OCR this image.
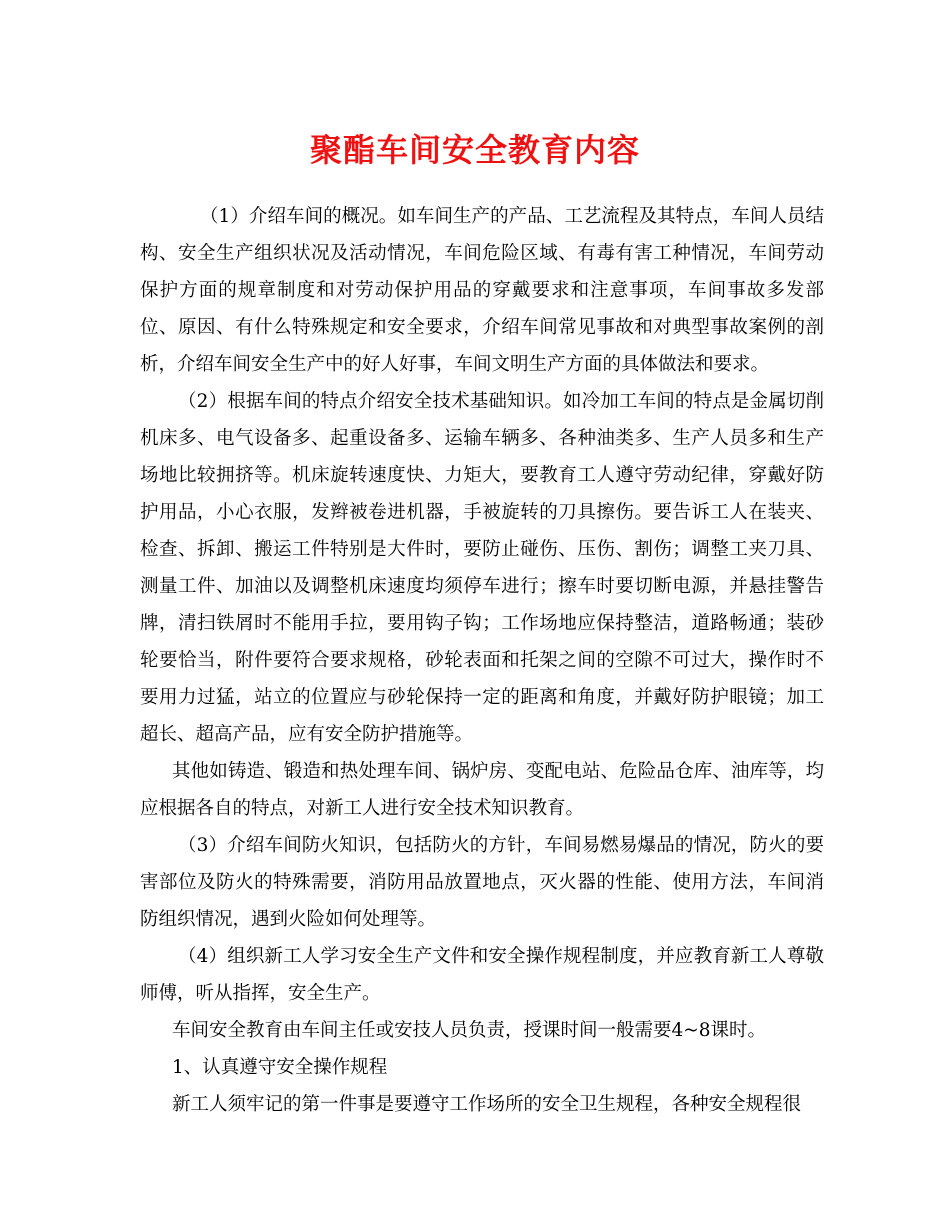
聚酯车间安全教育内容

（1）介绍车间的概况。如车间生产的产品、工艺流程及其特点，车间人员结构、安全生产组织状况及活动情况，车间危险区域、有毒有害工种情况，车间劳动保护方面的规章制度和对劳动保护用品的穿戴要求和注意事项，车间事故多发部位、原因、有什么特殊规定和安全要求，介绍车间常见事故和对典型事故案例的剖析，介绍车间安全生产中的好人好事，车间文明生产方面的具体做法和要求。

（2）根据车间的特点介绍安全技术基础知识。如冷加工车间的特点是金属切削机床多、电气设备多、起重设备多、运输车辆多、各种油类多、生产人员多和生产场地比较拥挤等。机床旋转速度快、力矩大，要教育工人遵守劳动纪律，穿戴好防护用品，小心衣服，发辫被卷进机器，手被旋转的刀具擦伤。要告诉工人在装夹、检查、拆卸、搬运工件特别是大件时，要防止碰伤、压伤、割伤；调整工夹刀具、测量工件、加油以及调整机床速度均须停车进行；擦车时要切断电源，并悬挂警告牌，清扫铁屑时不能用手拉，要用钩子钩；工作场地应保持整洁，道路畅通；装砂轮要恰当，附件要符合要求规格，砂轮表面和托架之间的空隙不可过大，操作时不要用力过猛，站立的位置应与砂轮保持一定的距离和角度，并戴好防护眼镜；加工超长、超高产品，应有安全防护措施等。

其他如铸造、锻造和热处理车间、锅炉房、变配电站、危险品仓库、油库等，均应根据各自的特点，对新工人进行安全技术知识教育。

（3）介绍车间防火知识，包括防火的方针，车间易燃易爆品的情况，防火的要害部位及防火的特殊需要，消防用品放置地点，灭火器的性能、使用方法，车间消防组织情况，遇到火险如何处理等。

（4）组织新工人学习安全生产文件和安全操作规程制度，并应教育新工人尊敬师傅，听从指挥，安全生产。

车间安全教育由车间主任或安技人员负责，授课时间一般需要4~8课时。

1、认真遵守安全操作规程

新工人须牢记的第一件事是要遵守工作场所的安全卫生规程，各种安全规程很
